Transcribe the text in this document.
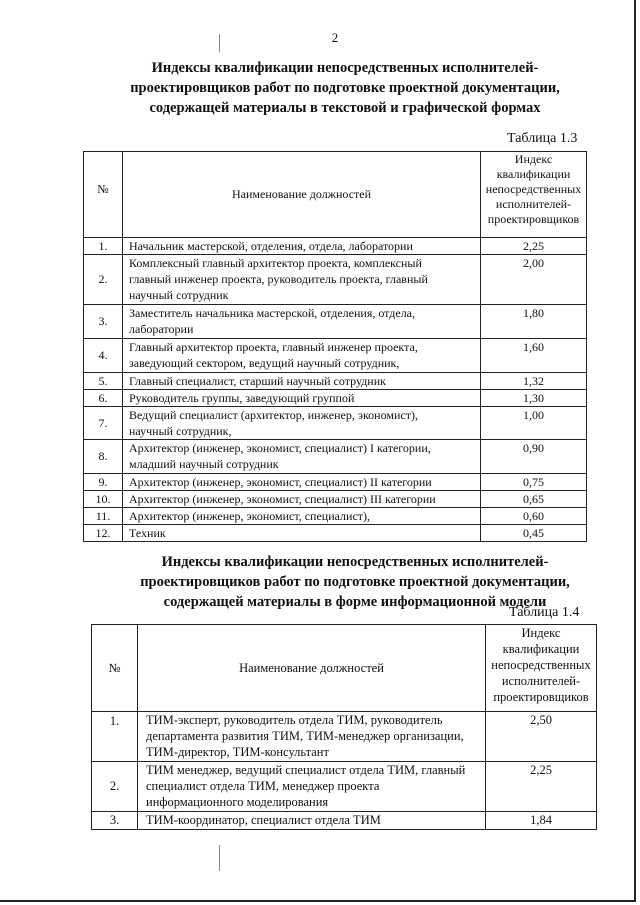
2
Индексы квалификации непосредственных исполнителей-
проектировщиков работ по подготовке проектной документации,
содержащей материалы в текстовой и графической формах
Таблица 1.3
№	Наименование должностей	Индекс
квалификации
непосредственных
исполнителей-
проектировщиков

1.	Начальник мастерской, отделения, отдела, лаборатории	2,25
2.	Комплексный главный архитектор проекта, комплексный
главный инженер проекта, руководитель проекта, главный
научный сотрудник	2,00
3.	Заместитель начальника мастерской, отделения, отдела,
лаборатории	1,80
4.	Главный архитектор проекта, главный инженер проекта,
заведующий сектором, ведущий научный сотрудник,	1,60
5.	Главный специалист, старший научный сотрудник	1,32
6.	Руководитель группы, заведующий группой	1,30
7.	Ведущий специалист (архитектор, инженер, экономист),
научный сотрудник,	1,00
8.	Архитектор (инженер, экономист, специалист) I категории,
младший научный сотрудник	0,90
9.	Архитектор (инженер, экономист, специалист) II категории	0,75
10.	Архитектор (инженер, экономист, специалист) III категории	0,65
11.	Архитектор (инженер, экономист, специалист),	0,60
12.	Техник	0,45
Индексы квалификации непосредственных исполнителей-
проектировщиков работ по подготовке проектной документации,
содержащей материалы в форме информационной модели
Таблица 1.4
№	Наименование должностей	Индекс
квалификации
непосредственных
исполнителей-
проектировщиков

1.	ТИМ-эксперт, руководитель отдела ТИМ, руководитель
департамента развития ТИМ, ТИМ-менеджер организации,
ТИМ-директор, ТИМ-консультант	2,50
2.	ТИМ менеджер, ведущий специалист отдела ТИМ, главный
специалист отдела ТИМ, менеджер проекта
информационного моделирования	2,25
3.	ТИМ-координатор, специалист отдела ТИМ	1,84
